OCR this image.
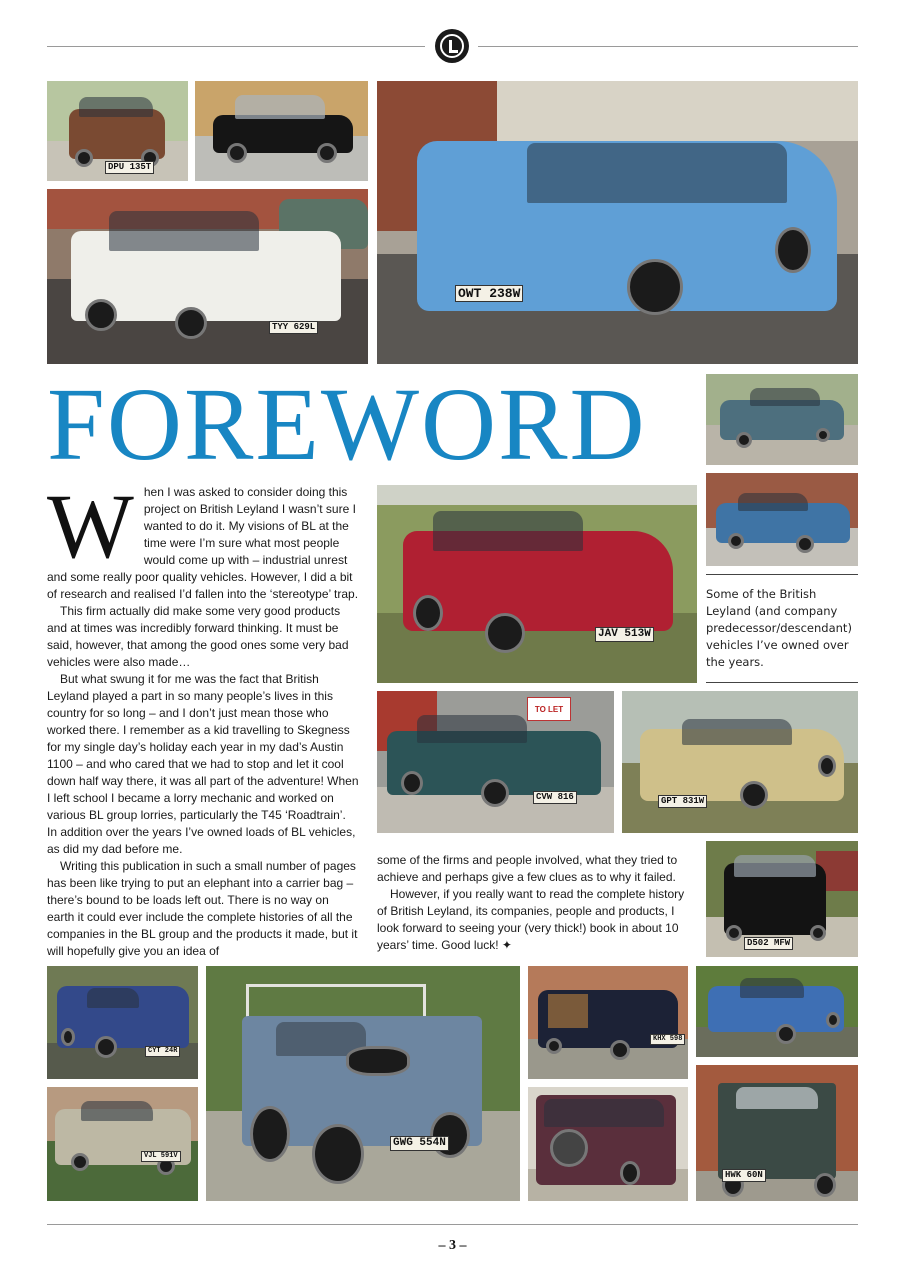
DPU 135T
TYY 629L
OWT 238W
FOREWORD
Some of the British Leyland (and company predecessor/descendant) vehicles I’ve owned over the years.
JAV 513W
TO LET
CVW 816	GPT 831W
D502 MFW

When I was asked to consider doing this project on British Leyland I wasn’t sure I wanted to do it. My visions of BL at the time were I’m sure what most people would come up with – industrial unrest and some really poor quality vehicles. However, I did a bit of research and realised I’d fallen into the ‘stereotype’ trap.

This firm actually did make some very good products and at times was incredibly forward thinking. It must be said, however, that among the good ones some very bad vehicles were also made…

But what swung it for me was the fact that British Leyland played a part in so many people’s lives in this country for so long – and I don’t just mean those who worked there. I remember as a kid travelling to Skegness for my single day’s holiday each year in my dad’s Austin 1100 – and who cared that we had to stop and let it cool down half way there, it was all part of the adventure! When I left school I became a lorry mechanic and worked on various BL group lorries, particularly the T45 ‘Roadtrain’. In addition over the years I’ve owned loads of BL vehicles, as did my dad before me.

Writing this publication in such a small number of pages has been like trying to put an elephant into a carrier bag – there’s bound to be loads left out. There is no way on earth it could ever include the complete histories of all the companies in the BL group and the products it made, but it will hopefully give you an idea of

some of the firms and people involved, what they tried to achieve and perhaps give a few clues as to why it failed.

However, if you really want to read the complete history of British Leyland, its companies, people and products, I look forward to seeing your (very thick!) book in about 10 years’ time. Good luck! ✦

CYT 24R
VJL 591V
GWG 554N
KHX 598
HWK 60N
– 3 –
